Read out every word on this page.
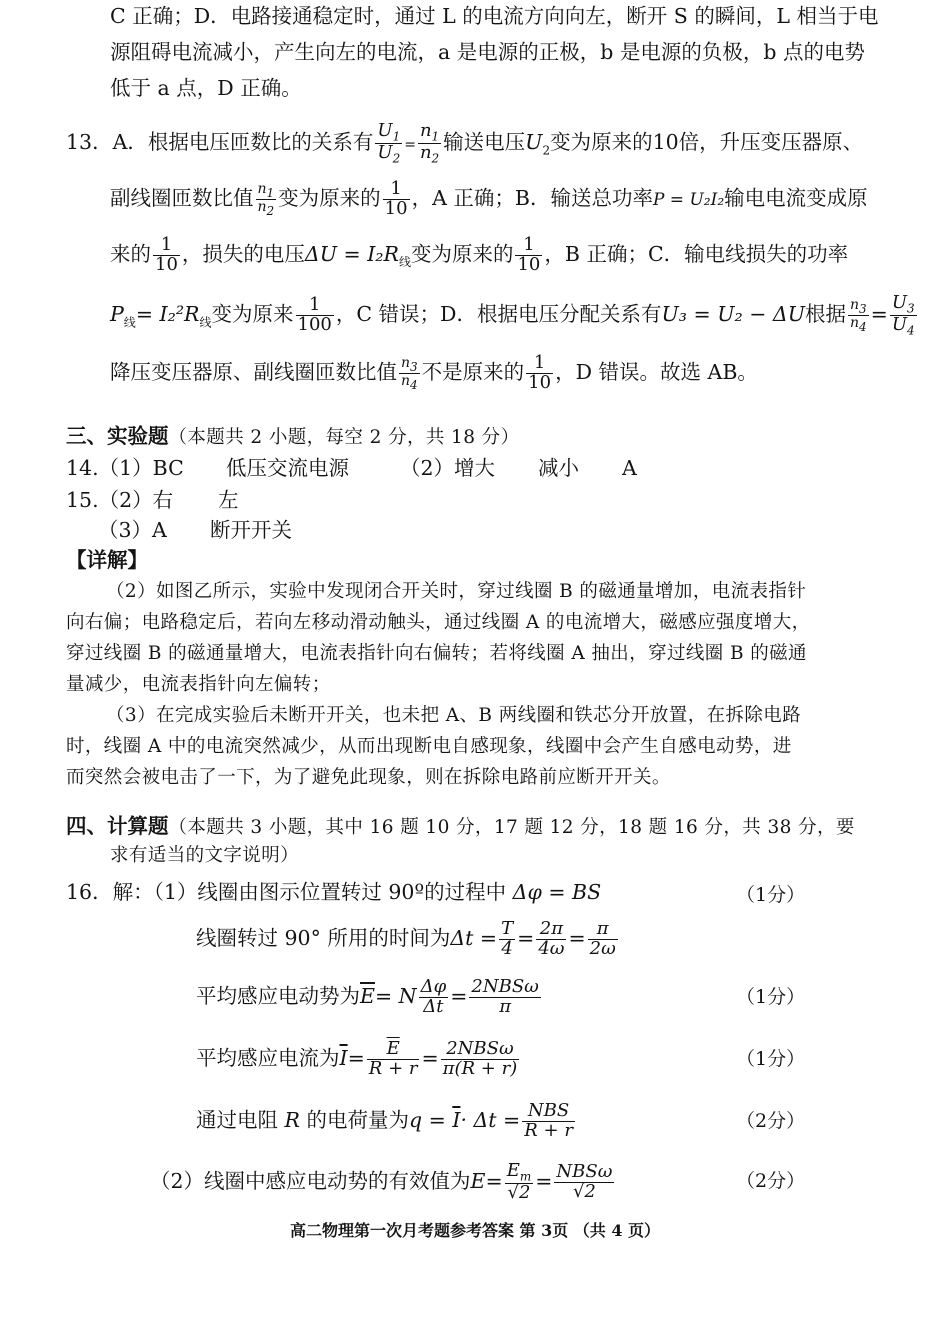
C 正确；D．电路接通稳定时，通过 L 的电流方向向左，断开 S 的瞬间，L 相当于电
源阻碍电流减小，产生向左的电流，a 是电源的正极，b 是电源的负极，b 点的电势
低于 a 点，D 正确。
13．A．根据电压匝数比的关系有 $\frac{U_1}{U_2} = \frac{n_1}{n_2}$ 输送电压$U_2$变为原来的10倍，升压变压器原、
副线圈匝数比值 $\frac{n_1}{n_2}$ 变为原来的 $\frac{1}{10}$ ，A 正确；B．输送总功率P = U₂I₂输电电流变成原
来的 $\frac{1}{10}$ ，损失的电压$\Delta U = I_2R_线$变为原来的 $\frac{1}{10}$ ，B 正确；C．输电线损失的功率
$P_线= I_2^2R_线$变为原来 $\frac{1}{100}$ ，C 错误；D．根据电压分配关系有U₃ = U₂ − ΔU根据 $\frac{n_3}{n_4} = \frac{U_3}{U_4}$
降压变压器原、副线圈匝数比值 $\frac{n_3}{n_4}$ 不是原来的 $\frac{1}{10}$ ，D 错误。故选 AB。
三、实验题（本题共 2 小题，每空 2 分，共 18 分）
14.（1）BC 低压交流电源 （2）增大 减小 A
15.（2）右 左
（3）A 断开开关
【详解】
（2）如图乙所示，实验中发现闭合开关时，穿过线圈 B 的磁通量增加，电流表指针
向右偏；电路稳定后，若向左移动滑动触头，通过线圈 A 的电流增大，磁感应强度增大，
穿过线圈 B 的磁通量增大，电流表指针向右偏转；若将线圈 A 抽出，穿过线圈 B 的磁通
量减少，电流表指针向左偏转；
（3）在完成实验后未断开开关，也未把 A、B 两线圈和铁芯分开放置，在拆除电路
时，线圈 A 中的电流突然减少，从而出现断电自感现象，线圈中会产生自感电动势，进
而突然会被电击了一下，为了避免此现象，则在拆除电路前应断开开关。
四、计算题（本题共 3 小题，其中 16 题 10 分，17 题 12 分，18 题 16 分，共 38 分，要
求有适当的文字说明）
16．解：（1）线圈由图示位置转过 90º的过程中 Δφ = BS	（1分）
线圈转过 90° 所用的时间为$\Delta t = \frac{T}{4} = \frac{2\pi}{4\omega} = \frac{\pi}{2\omega}$
平均感应电动势为$\overline{E}= N \frac{\Delta\varphi}{\Delta t} = \frac{\text{2NBSω}}{\pi}$	（1分）
平均感应电流为$\overline{I}= \frac{\overline{E}}{R + r} = \frac{\text{2NBSω}}{\pi(R + r)}$	（1分）
通过电阻 R 的电荷量为$q = \overline{I}\cdot \Delta t = \frac{\text{NBS}}{R + r}$	（2分）
（2）线圈中感应电动势的有效值为$E= \frac{E_m}{√2} = \frac{\text{NBSω}}{√2}$	（2分）
高二物理第一次月考题参考答案 第 3页 （共 4 页）
